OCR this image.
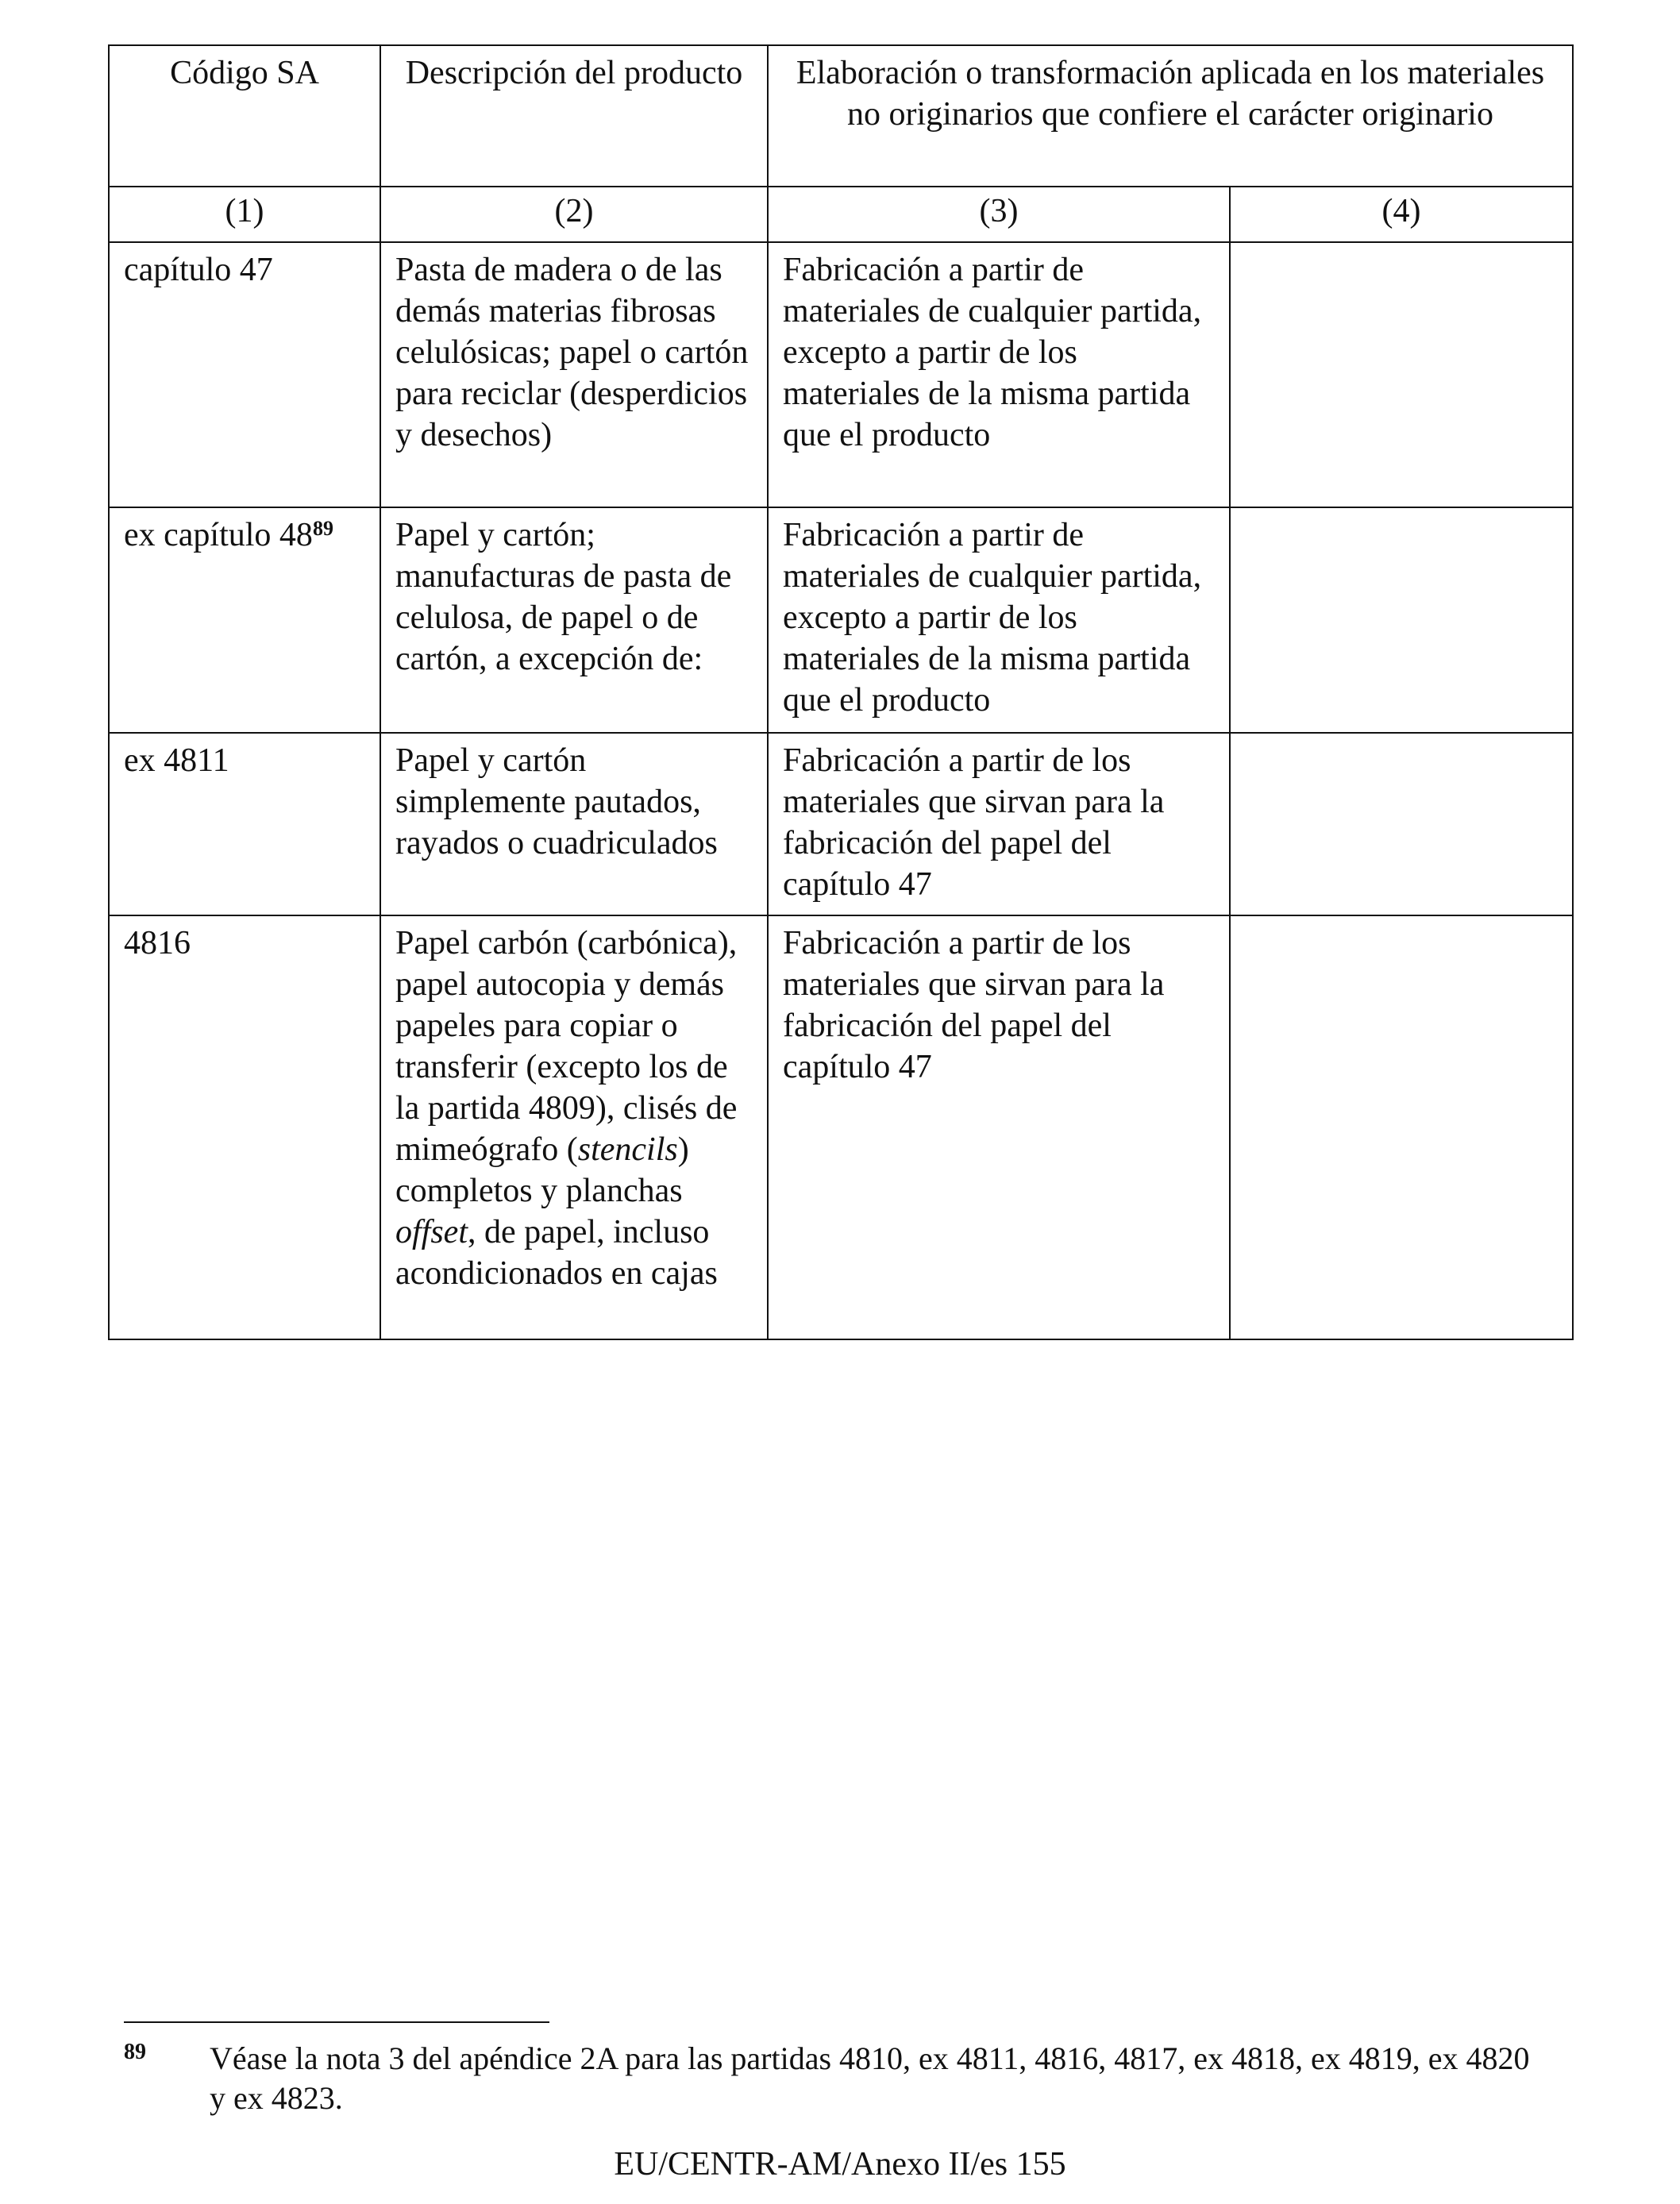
Código SA	Descripción del producto	Elaboración o transformación aplicada en los materiales no originarios que confiere el carácter originario	
(1)	(2)	(3)	(4)
capítulo 47	Pasta de madera o de las demás materias fibrosas celulósicas; papel o cartón para reciclar (desperdicios y desechos)	Fabricación a partir de materiales de cualquier partida, excepto a partir de los materiales de la misma partida que el producto	
ex capítulo 48$^{89}$	Papel y cartón; manufacturas de pasta de celulosa, de papel o de cartón, a excepción de:	Fabricación a partir de materiales de cualquier partida, excepto a partir de los materiales de la misma partida que el producto	
ex 4811	Papel y cartón simplemente pautados, rayados o cuadriculados	Fabricación a partir de los materiales que sirvan para la fabricación del papel del capítulo 47	
4816	Papel carbón (carbónica), papel autocopia y demás papeles para copiar o transferir (excepto los de la partida 4809), clisés de mimeógrafo (stencils) completos y planchas offset, de papel, incluso acondicionados en cajas	Fabricación a partir de los materiales que sirvan para la fabricación del papel del capítulo 47	
89 Véase la nota 3 del apéndice 2A para las partidas 4810, ex 4811, 4816, 4817, ex 4818, ex 4819, ex 4820 y ex 4823.
EU/CENTR-AM/Anexo II/es 155
